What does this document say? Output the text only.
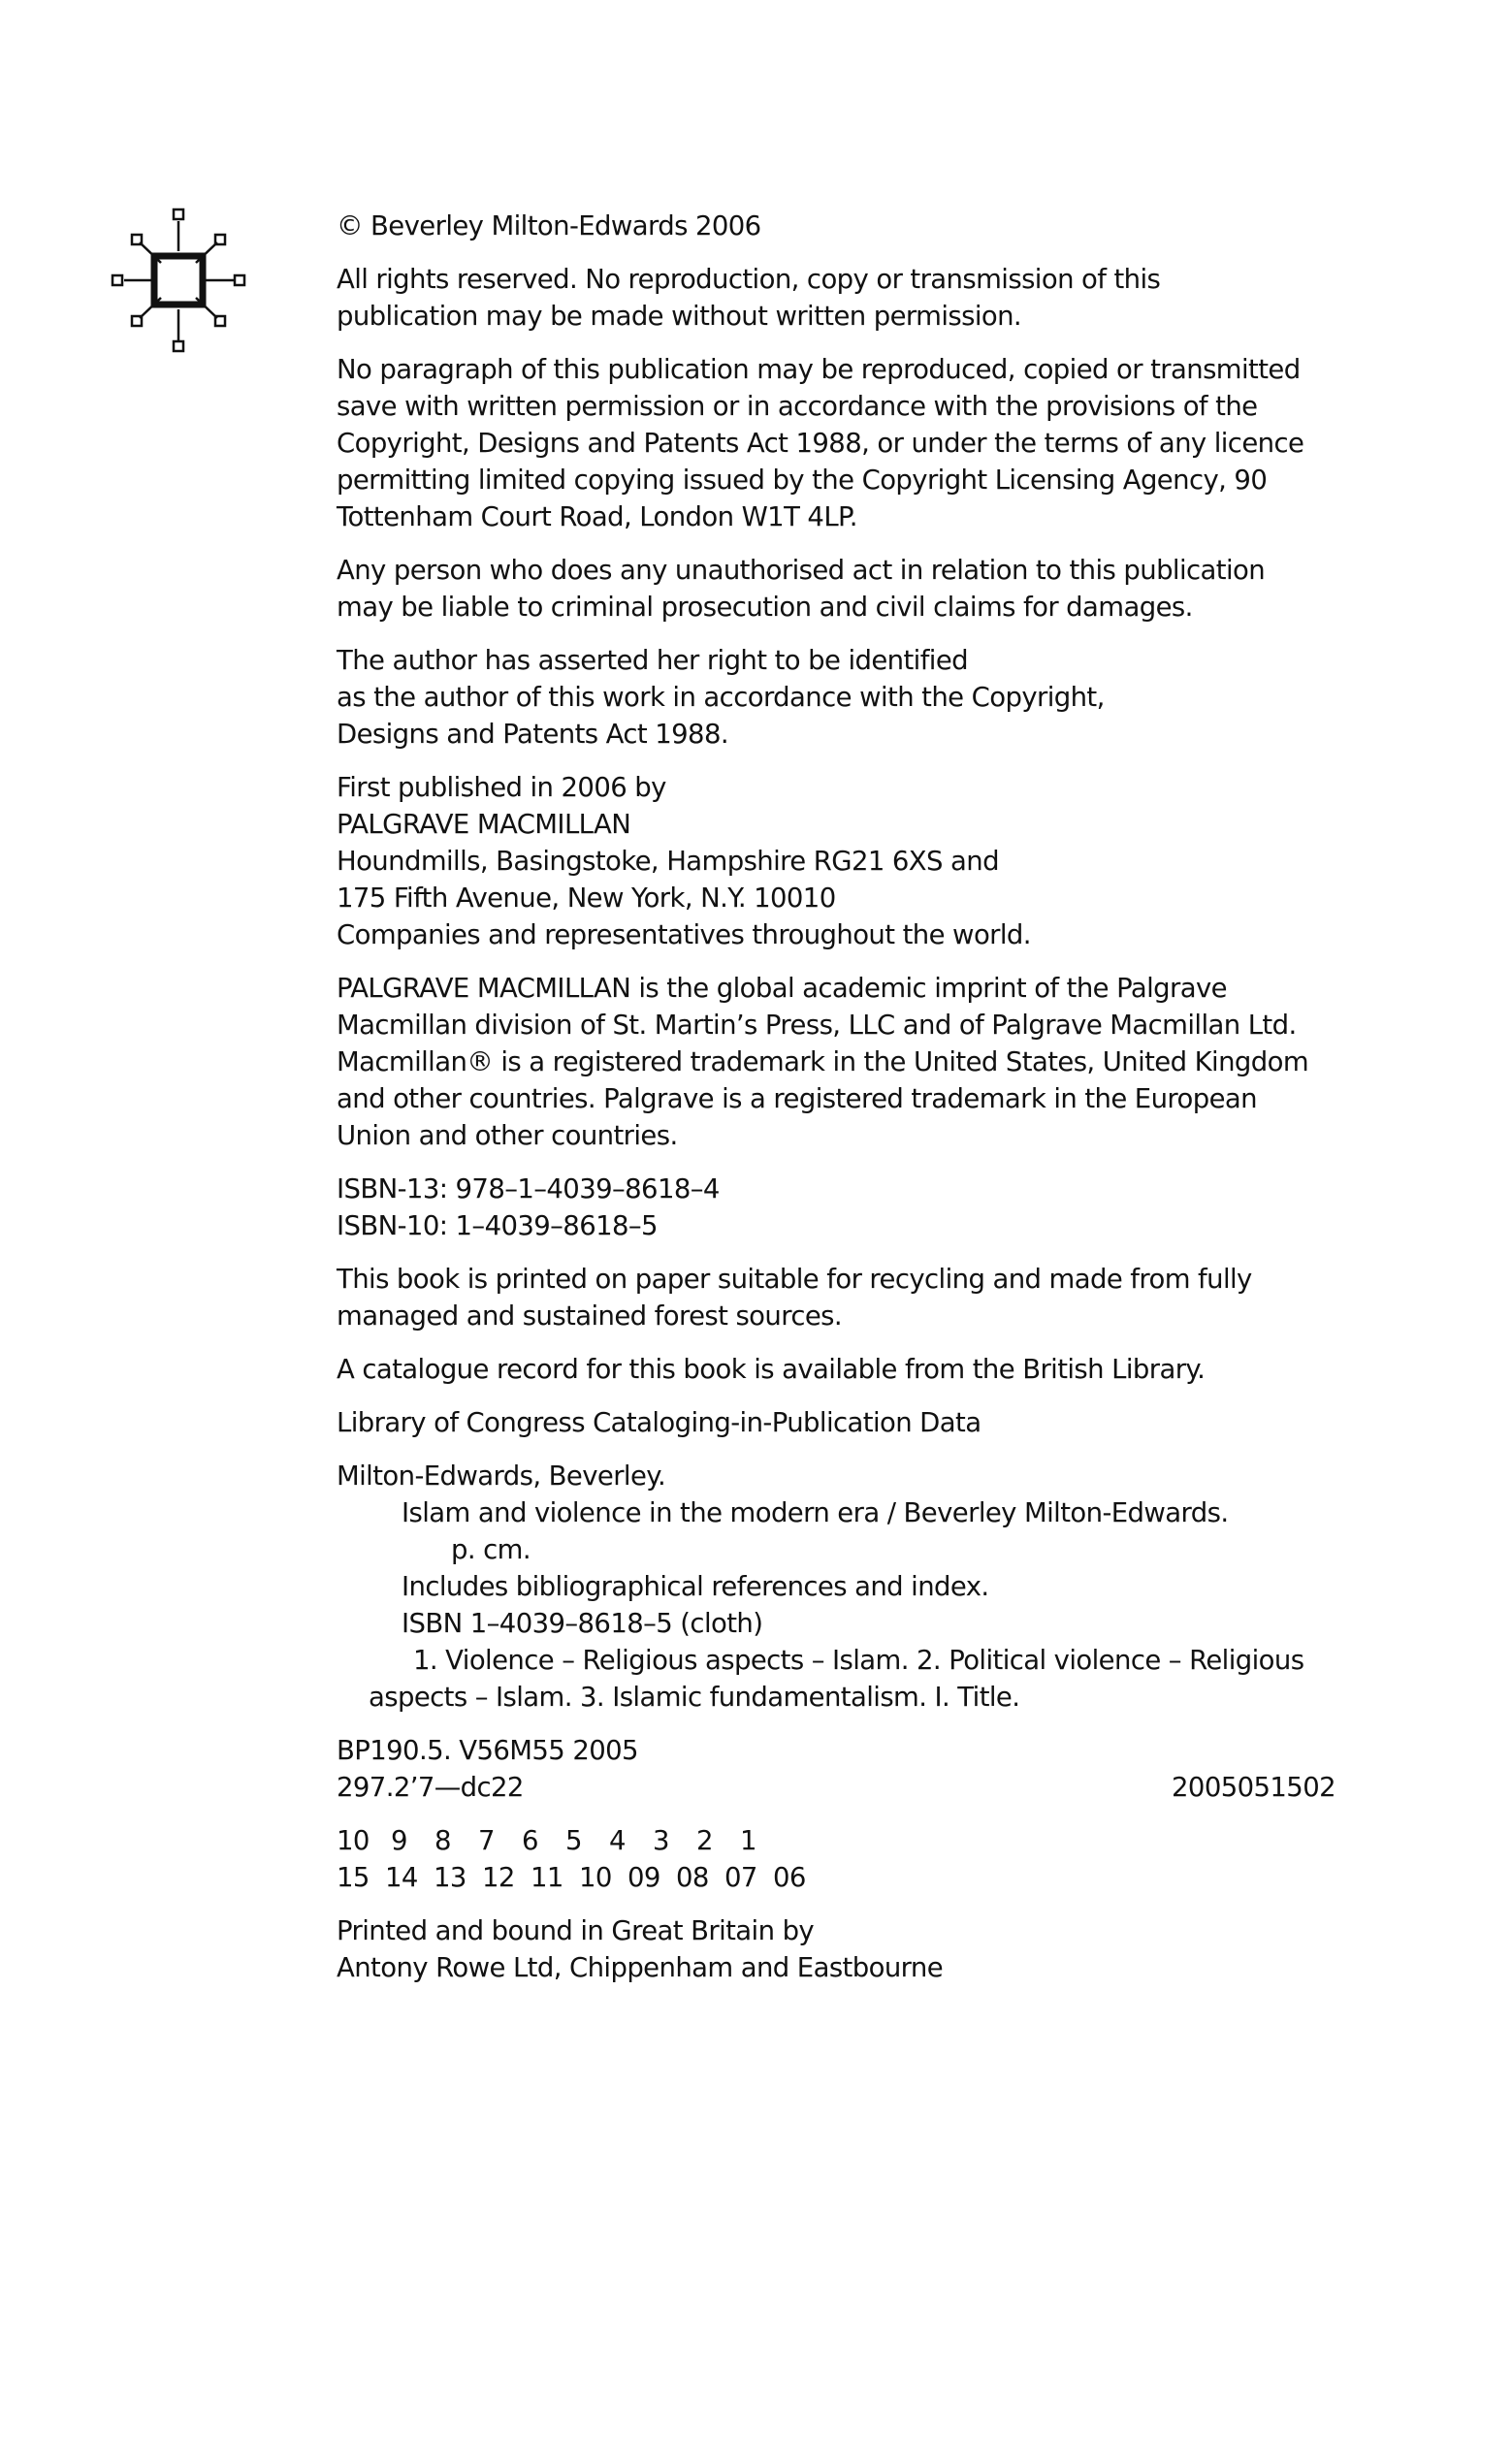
© Beverley Milton-Edwards 2006

All rights reserved. No reproduction, copy or transmission of this
publication may be made without written permission.

No paragraph of this publication may be reproduced, copied or transmitted
save with written permission or in accordance with the provisions of the
Copyright, Designs and Patents Act 1988, or under the terms of any licence
permitting limited copying issued by the Copyright Licensing Agency, 90
Tottenham Court Road, London W1T 4LP.

Any person who does any unauthorised act in relation to this publication
may be liable to criminal prosecution and civil claims for damages.

The author has asserted her right to be identified
as the author of this work in accordance with the Copyright,
Designs and Patents Act 1988.

First published in 2006 by
PALGRAVE MACMILLAN
Houndmills, Basingstoke, Hampshire RG21 6XS and
175 Fifth Avenue, New York, N.Y. 10010
Companies and representatives throughout the world.

PALGRAVE MACMILLAN is the global academic imprint of the Palgrave
Macmillan division of St. Martin’s Press, LLC and of Palgrave Macmillan Ltd.
Macmillan® is a registered trademark in the United States, United Kingdom
and other countries. Palgrave is a registered trademark in the European
Union and other countries.

ISBN-13: 978–1–4039–8618–4
ISBN-10: 1–4039–8618–5

This book is printed on paper suitable for recycling and made from fully
managed and sustained forest sources.

A catalogue record for this book is available from the British Library.

Library of Congress Cataloging-in-Publication Data

Milton-Edwards, Beverley.
Islam and violence in the modern era / Beverley Milton-Edwards.
p. cm.
Includes bibliographical references and index.
ISBN 1–4039–8618–5 (cloth)
1. Violence – Religious aspects – Islam. 2. Political violence – Religious
aspects – Islam. 3. Islamic fundamentalism. I. Title.

BP190.5. V56M55 2005
297.2’7—dc22	2005051502

10 9	8	7	6	5	4	3	2	1
15 14 13 12 11 10 09 08 07 06

Printed and bound in Great Britain by
Antony Rowe Ltd, Chippenham and Eastbourne
